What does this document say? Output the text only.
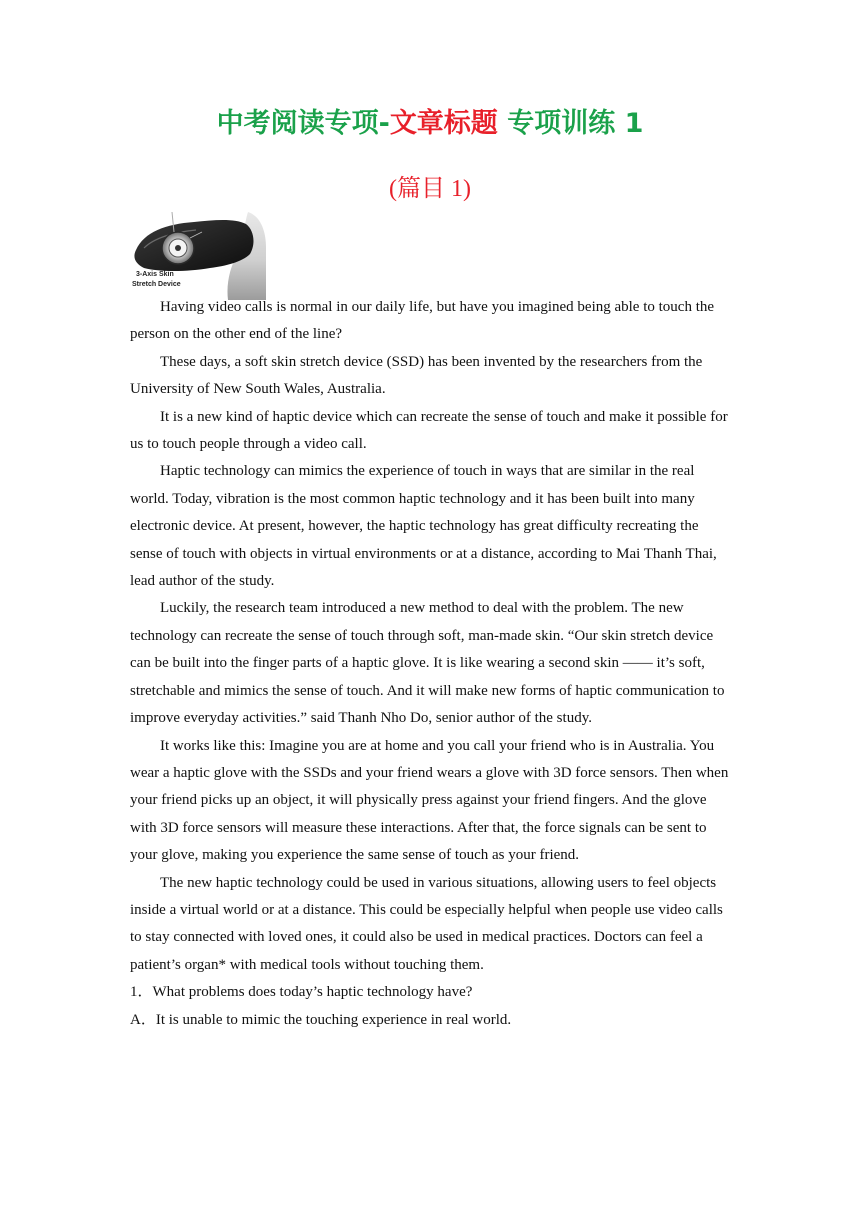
中考阅读专项-文章标题 专项训练 1
(篇目 1)
3-Axis Skin
Stretch Device

Having video calls is normal in our daily life, but have you imagined being able to touch the person on the other end of the line?

These days, a soft skin stretch device (SSD) has been invented by the researchers from the University of New South Wales, Australia.

It is a new kind of haptic device which can recreate the sense of touch and make it possible for us to touch people through a video call.

Haptic technology can mimics the experience of touch in ways that are similar in the real world. Today, vibration is the most common haptic technology and it has been built into many electronic device. At present, however, the haptic technology has great difficulty recreating the sense of touch with objects in virtual environments or at a distance, according to Mai Thanh Thai, lead author of the study.

Luckily, the research team introduced a new method to deal with the problem. The new technology can recreate the sense of touch through soft, man-made skin. “Our skin stretch device can be built into the finger parts of a haptic glove. It is like wearing a second skin —— it’s soft, stretchable and mimics the sense of touch. And it will make new forms of haptic communication to improve everyday activities.” said Thanh Nho Do, senior author of the study.

It works like this: Imagine you are at home and you call your friend who is in Australia. You wear a haptic glove with the SSDs and your friend wears a glove with 3D force sensors. Then when your friend picks up an object, it will physically press against your friend fingers. And the glove with 3D force sensors will measure these interactions. After that, the force signals can be sent to your glove, making you experience the same sense of touch as your friend.

The new haptic technology could be used in various situations, allowing users to feel objects inside a virtual world or at a distance. This could be especially helpful when people use video calls to stay connected with loved ones, it could also be used in medical practices. Doctors can feel a patient’s organ* with medical tools without touching them.

1．What problems does today’s haptic technology have?

A．It is unable to mimic the touching experience in real world.
